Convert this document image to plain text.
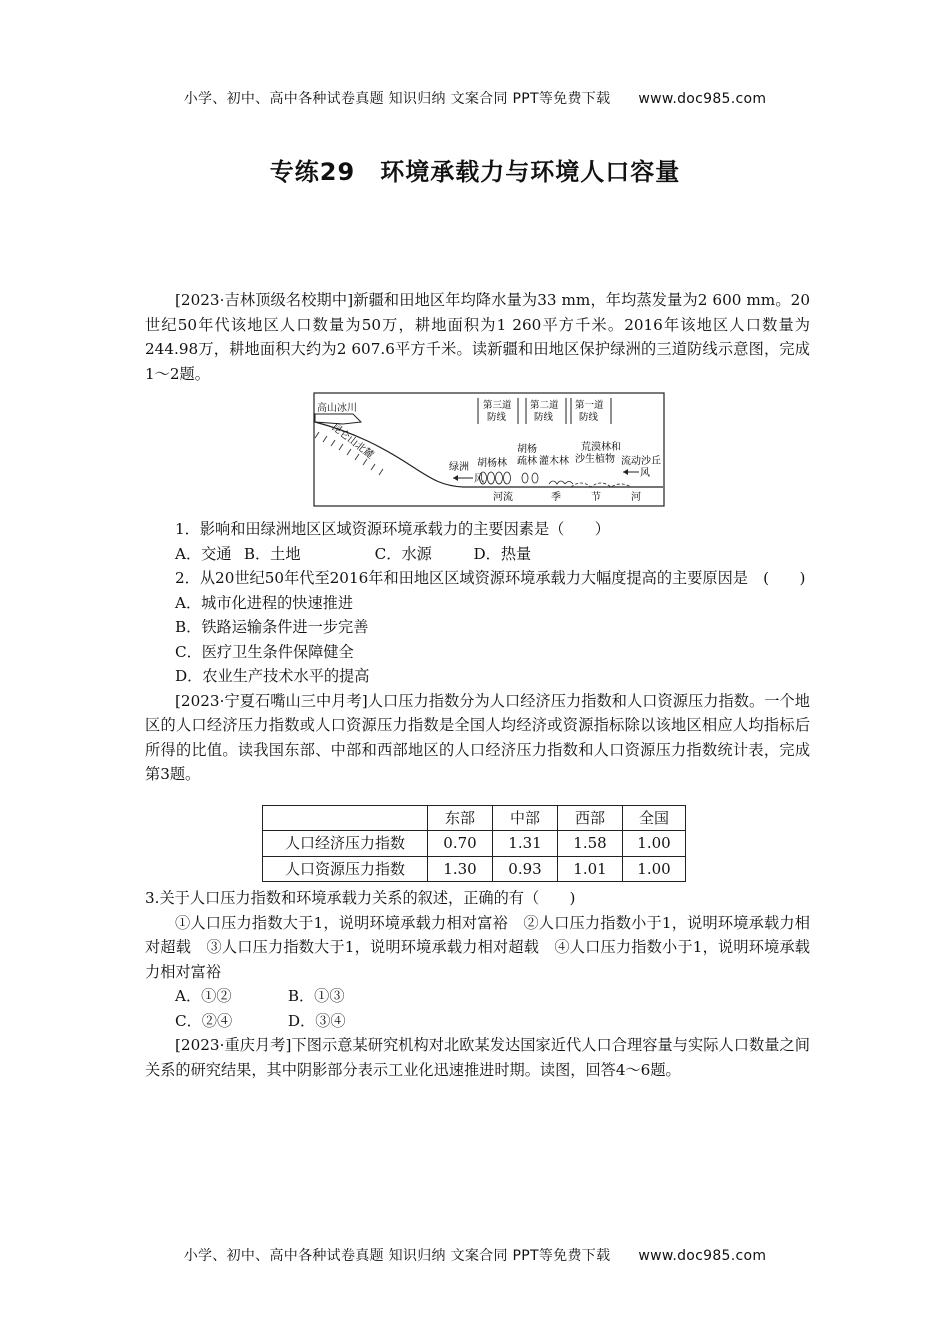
小学、初中、高中各种试卷真题 知识归纳 文案合同 PPT等免费下载 www.doc985.com
专练29　环境承载力与环境人口容量

[2023·吉林顶级名校期中]新疆和田地区年均降水量为33 mm，年均蒸发量为2 600 mm。20世纪50年代该地区人口数量为50万，耕地面积为1 260平方千米。2016年该地区人口数量为244.98万，耕地面积大约为2 607.6平方千米。读新疆和田地区保护绿洲的三道防线示意图，完成1～2题。

高山冰川
昆仑山北麓
第三道
防线
第二道
防线
第一道
防线
绿洲 胡杨林
胡杨
疏林 灌木林
荒漠林和
沙生植物 流动沙丘
风
风
河流	季	节	河

1．影响和田绿洲地区区域资源环境承载力的主要因素是（　　）

A．交通 B．土地	C．水源	D．热量

2．从20世纪50年代至2016年和田地区区域资源环境承载力大幅度提高的主要原因是　(　　)

A．城市化进程的快速推进

B．铁路运输条件进一步完善

C．医疗卫生条件保障健全

D．农业生产技术水平的提高

[2023·宁夏石嘴山三中月考]人口压力指数分为人口经济压力指数和人口资源压力指数。一个地区的人口经济压力指数或人口资源压力指数是全国人均经济或资源指标除以该地区相应人均指标后所得的比值。读我国东部、中部和西部地区的人口经济压力指数和人口资源压力指数统计表，完成第3题。

	东部	中部	西部	全国
人口经济压力指数	0.70	1.31	1.58	1.00
人口资源压力指数	1.30	0.93	1.01	1.00

3.关于人口压力指数和环境承载力关系的叙述，正确的有（　　)

①人口压力指数大于1，说明环境承载力相对富裕　②人口压力指数小于1，说明环境承载力相对超载　③人口压力指数大于1，说明环境承载力相对超载　④人口压力指数小于1，说明环境承载力相对富裕

A．①②	B．①③

C．②④	D．③④

[2023·重庆月考]下图示意某研究机构对北欧某发达国家近代人口合理容量与实际人口数量之间关系的研究结果，其中阴影部分表示工业化迅速推进时期。读图，回答4～6题。

小学、初中、高中各种试卷真题 知识归纳 文案合同 PPT等免费下载 www.doc985.com
